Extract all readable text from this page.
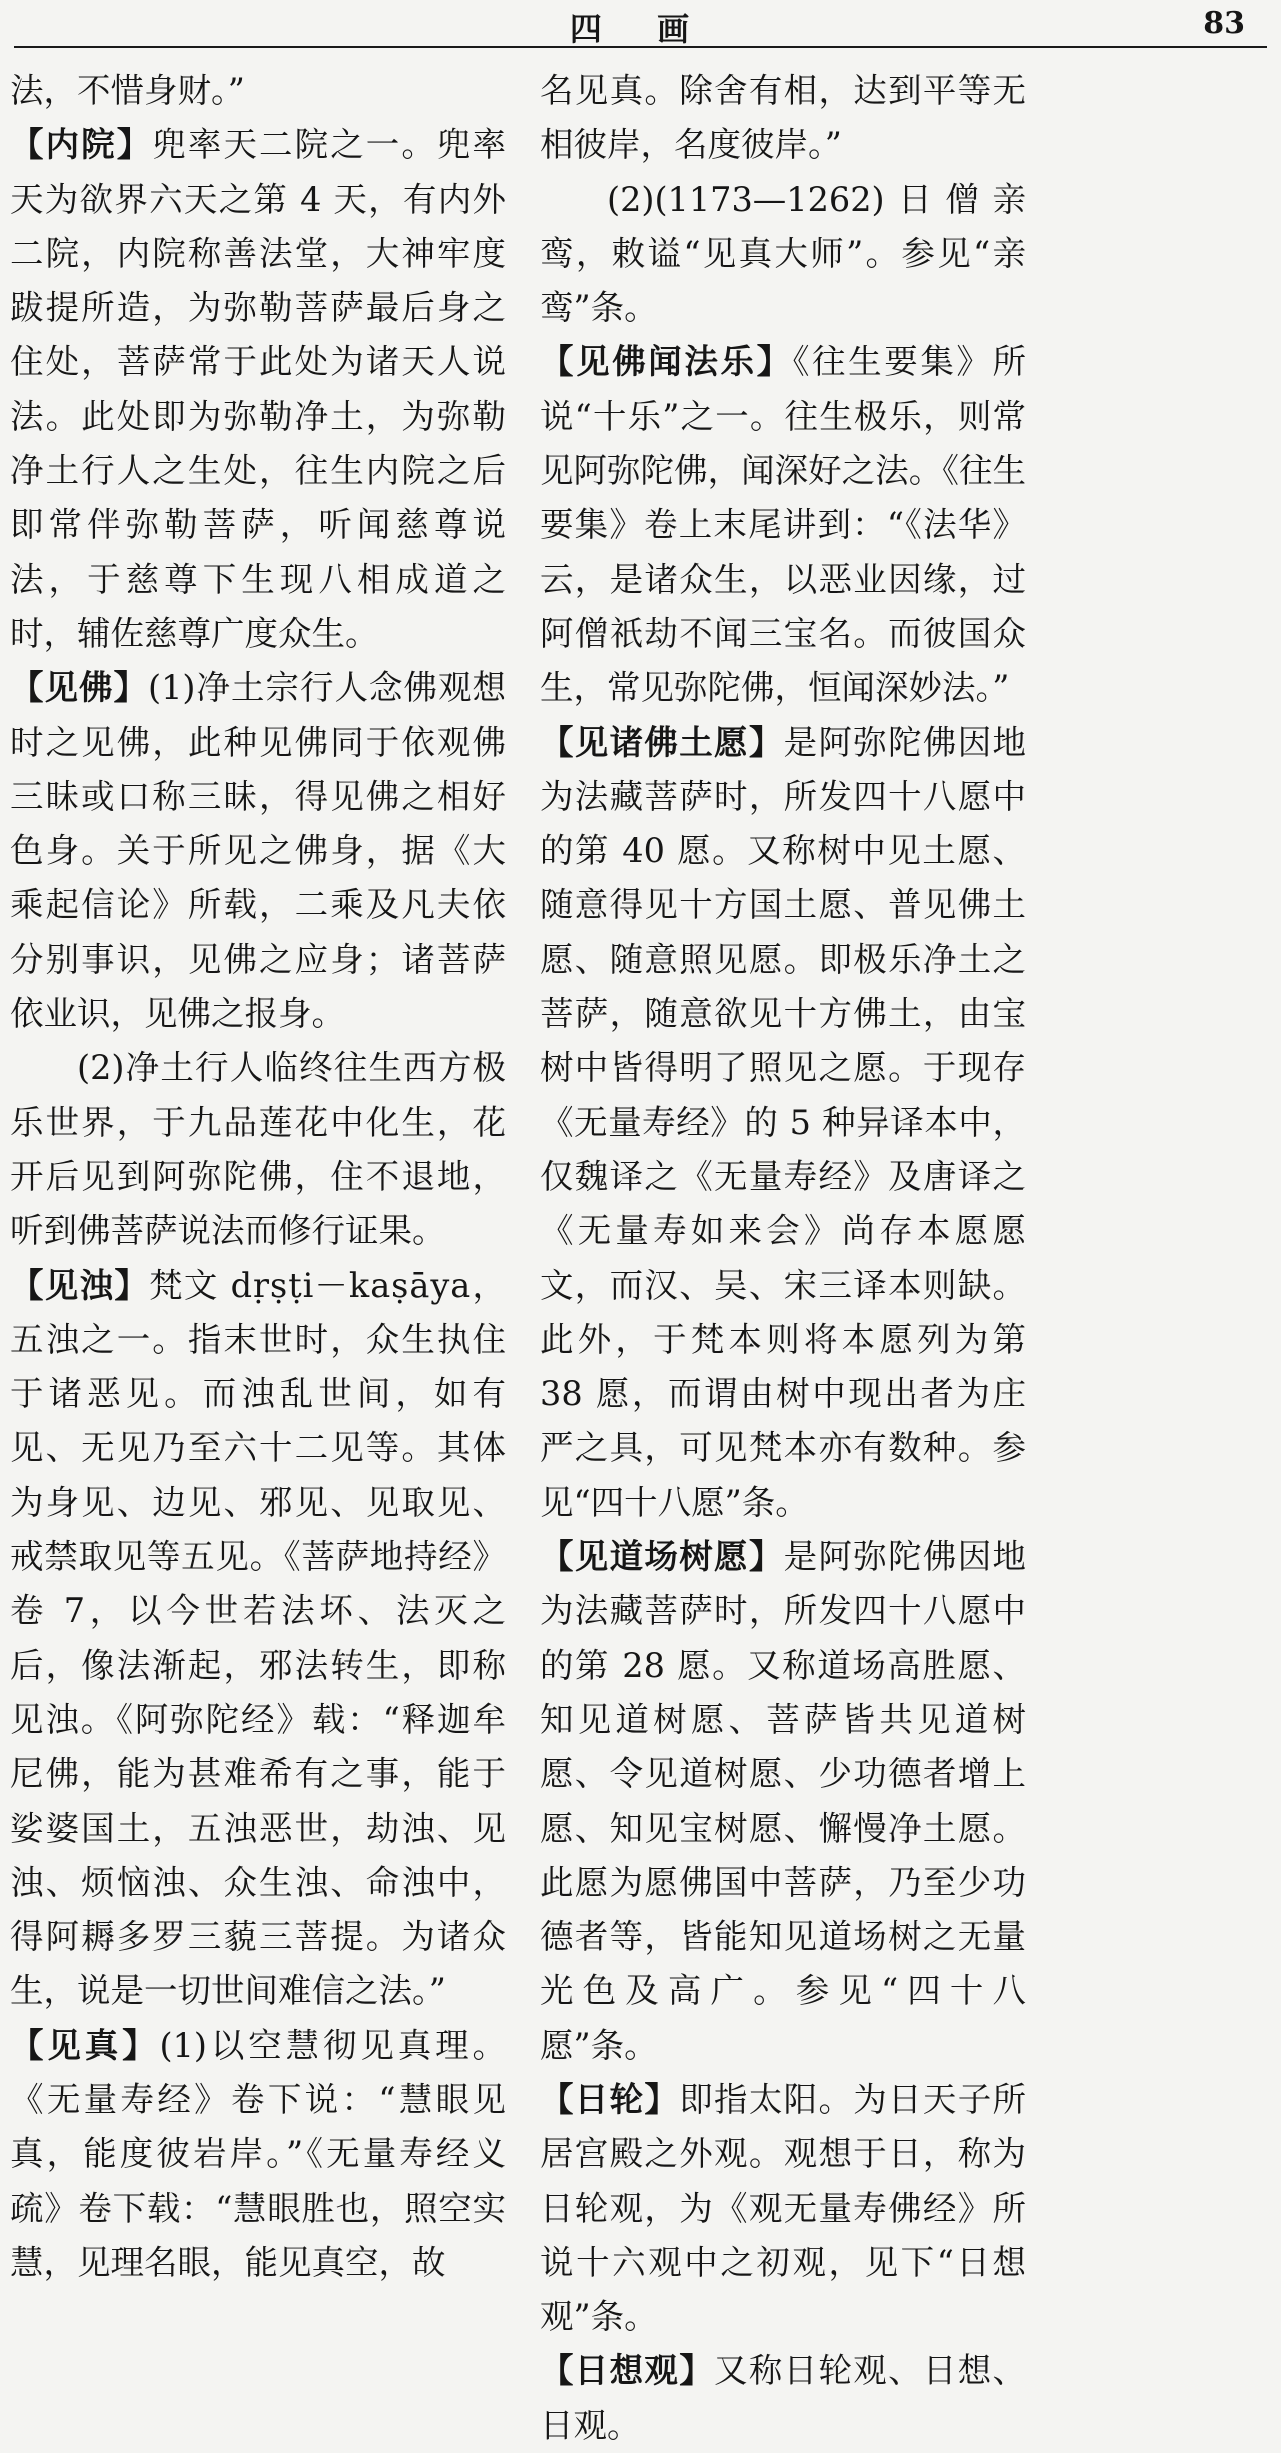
四 画	83

法，不惜身财。”

【内院】兜率天二院之一。兜率天为欲界六天之第 4 天，有内外二院，内院称善法堂，大神牢度跋提所造，为弥勒菩萨最后身之住处，菩萨常于此处为诸天人说法。此处即为弥勒净土，为弥勒净土行人之生处，往生内院之后即常伴弥勒菩萨，听闻慈尊说法，于慈尊下生现八相成道之时，辅佐慈尊广度众生。

【见佛】(1)净土宗行人念佛观想时之见佛，此种见佛同于依观佛三昧或口称三昧，得见佛之相好色身。关于所见之佛身，据《大乘起信论》所载，二乘及凡夫依分别事识，见佛之应身；诸菩萨依业识，见佛之报身。

(2)净土行人临终往生西方极乐世界，于九品莲花中化生，花开后见到阿弥陀佛，住不退地，听到佛菩萨说法而修行证果。

【见浊】梵文 dṛṣṭi－kaṣāya，五浊之一。指末世时，众生执住于诸恶见。而浊乱世间，如有见、无见乃至六十二见等。其体为身见、边见、邪见、见取见、戒禁取见等五见。《菩萨地持经》卷 7，以今世若法坏、法灭之后，像法渐起，邪法转生，即称见浊。《阿弥陀经》载：“释迦牟尼佛，能为甚难希有之事，能于娑婆国土，五浊恶世，劫浊、见浊、烦恼浊、众生浊、命浊中，得阿耨多罗三藐三菩提。为诸众生，说是一切世间难信之法。”

【见真】(1)以空慧彻见真理。《无量寿经》卷下说：“慧眼见真，能度彼岩岸。”《无量寿经义疏》卷下载：“慧眼胜也，照空实慧，见理名眼，能见真空，故

名见真。除舍有相，达到平等无相彼岸，名度彼岸。”

(2)(1173—1262)日僧亲鸾，敕谥“见真大师”。参见“亲鸾”条。

【见佛闻法乐】《往生要集》所说“十乐”之一。往生极乐，则常见阿弥陀佛，闻深好之法。《往生要集》卷上末尾讲到：“《法华》云，是诸众生，以恶业因缘，过阿僧祇劫不闻三宝名。而彼国众生，常见弥陀佛，恒闻深妙法。”

【见诸佛土愿】是阿弥陀佛因地为法藏菩萨时，所发四十八愿中的第 40 愿。又称树中见土愿、随意得见十方国土愿、普见佛土愿、随意照见愿。即极乐净土之菩萨，随意欲见十方佛土，由宝树中皆得明了照见之愿。于现存《无量寿经》的 5 种异译本中，仅魏译之《无量寿经》及唐译之《无量寿如来会》尚存本愿愿文，而汉、吴、宋三译本则缺。此外，于梵本则将本愿列为第 38 愿，而谓由树中现出者为庄严之具，可见梵本亦有数种。参见“四十八愿”条。

【见道场树愿】是阿弥陀佛因地为法藏菩萨时，所发四十八愿中的第 28 愿。又称道场高胜愿、知见道树愿、菩萨皆共见道树愿、令见道树愿、少功德者增上愿、知见宝树愿、懈慢净土愿。此愿为愿佛国中菩萨，乃至少功德者等，皆能知见道场树之无量光色及高广。参见“四十八愿”条。

【日轮】即指太阳。为日天子所居宫殿之外观。观想于日，称为日轮观，为《观无量寿佛经》所说十六观中之初观，见下“日想观”条。

【日想观】又称日轮观、日想、日观。
